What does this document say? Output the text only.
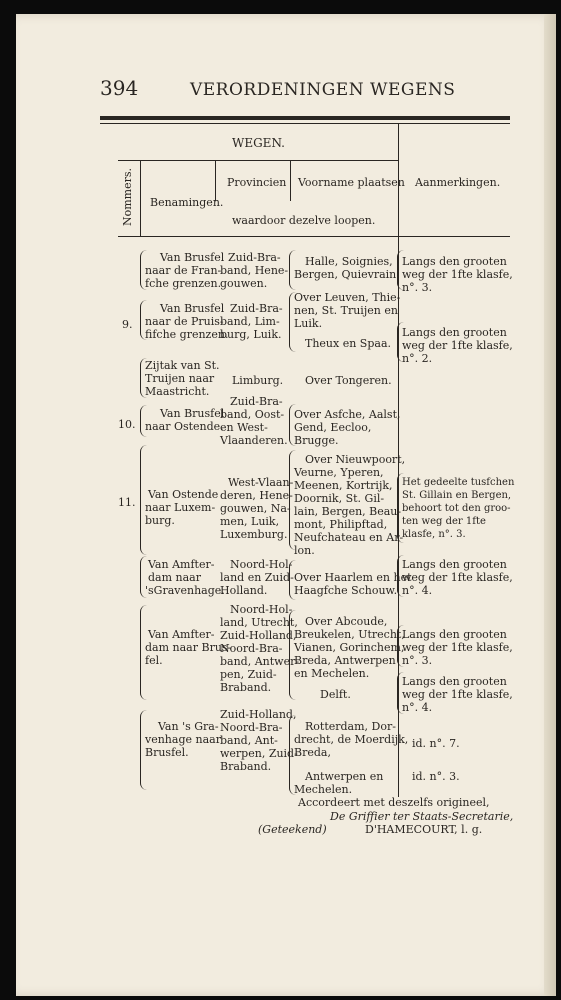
394	VERORDENINGEN WEGENS
WEGEN.
Nommers. Benamingen.
Provincien Voorname plaatsen
waardoor dezelve loopen.
Aanmerkingen.
Van Brusfel
naar de Fran-
fche grenzen.
Zuid-Bra-
band, Hene-
gouwen.
Halle, Soignies,
Bergen, Quievrain.
Langs den grooten
weg der 1fte klasfe,
n°. 3.
9.
Van Brusfel
naar de Pruis-
fifche grenzen.
Zuid-Bra-
band, Lim-
burg, Luik.
Over Leuven, Thie-
nen, St. Truijen en
Luik.
Theux en Spaa.
Langs den grooten
weg der 1fte klasfe,
n°. 2.
Zijtak van St.
Truijen naar
Maastricht.
Limburg. Over Tongeren.
10.
Van Brusfel
naar Ostende.
Zuid-Bra-
band, Oost-
en West-
Vlaanderen.
Over Asfche, Aalst,
Gend, Eecloo,
Brugge.
11.
Van Ostende
naar Luxem-
burg.
West-Vlaan-
deren, Hene-
gouwen, Na-
men, Luik,
Luxemburg.
Over Nieuwpoort,
Veurne, Yperen,
Meenen, Kortrijk,
Doornik, St. Gil-
lain, Bergen, Beau-
mont, Philipftad,
Neufchateau en Ar-
lon.
Het gedeelte tusfchen
St. Gillain en Bergen,
behoort tot den groo-
ten weg der 1fte
klasfe, n°. 3.
Van Amfter-
dam naar
'sGravenhage.
Noord-Hol-
land en Zuid-
Holland.
Over Haarlem en het
Haagfche Schouw.
Langs den grooten
weg der 1fte klasfe,
n°. 4.
Van Amfter-
dam naar Brus-
fel.
Noord-Hol-
land, Utrecht,
Zuid-Holland,
Noord-Bra-
band, Antwer-
pen, Zuid-
Braband.
Over Abcoude,
Breukelen, Utrecht,
Vianen, Gorinchem,
Breda, Antwerpen
en Mechelen.
Delft.
Langs den grooten
weg der 1fte klasfe,
n°. 3.
Langs den grooten
weg der 1fte klasfe,
n°. 4.
Van 's Gra-
venhage naar
Brusfel.
Zuid-Holland,
Noord-Bra-
band, Ant-
werpen, Zuid-
Braband.
Rotterdam, Dor-
drecht, de Moerdijk,
Breda,
Antwerpen en
Mechelen.
id. n°. 7.
id. n°. 3.
Accordeert met deszelfs origineel,
De Griffier ter Staats-Secretarie,
(Geteekend)	D'HAMECOURT, l. g.
